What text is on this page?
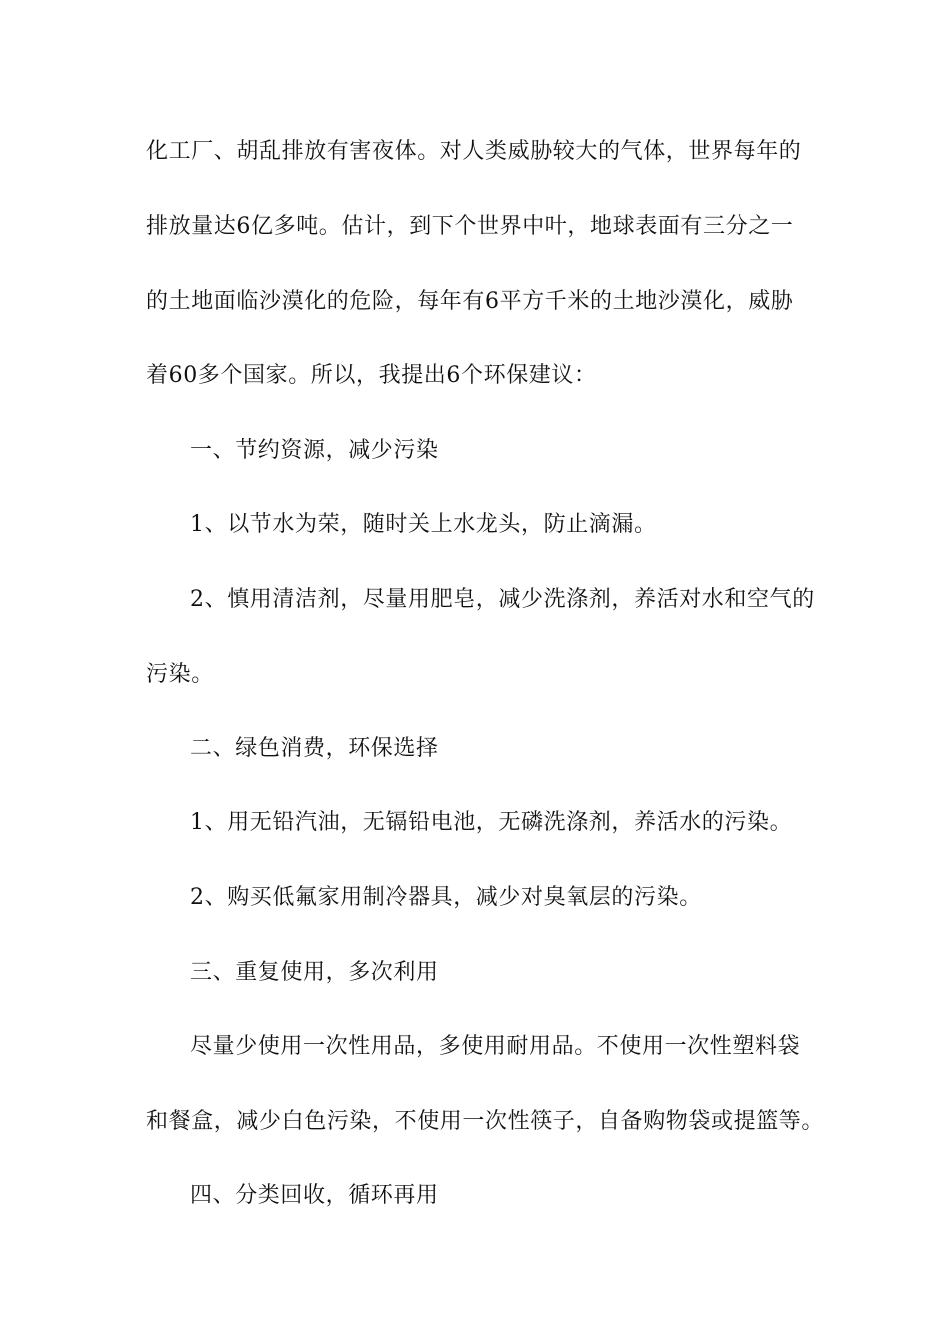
化工厂、胡乱排放有害夜体。对人类威胁较大的气体，世界每年的
排放量达6亿多吨。估计，到下个世界中叶，地球表面有三分之一
的土地面临沙漠化的危险，每年有6平方千米的土地沙漠化，威胁
着60多个国家。所以，我提出6个环保建议：
一、节约资源，减少污染
1、以节水为荣，随时关上水龙头，防止滴漏。
2、慎用清洁剂，尽量用肥皂，减少洗涤剂，养活对水和空气的
污染。
二、绿色消费，环保选择
1、用无铅汽油，无镉铅电池，无磷洗涤剂，养活水的污染。
2、购买低氟家用制冷器具，减少对臭氧层的污染。
三、重复使用，多次利用
尽量少使用一次性用品，多使用耐用品。不使用一次性塑料袋
和餐盒，减少白色污染，不使用一次性筷子，自备购物袋或提篮等。
四、分类回收，循环再用
